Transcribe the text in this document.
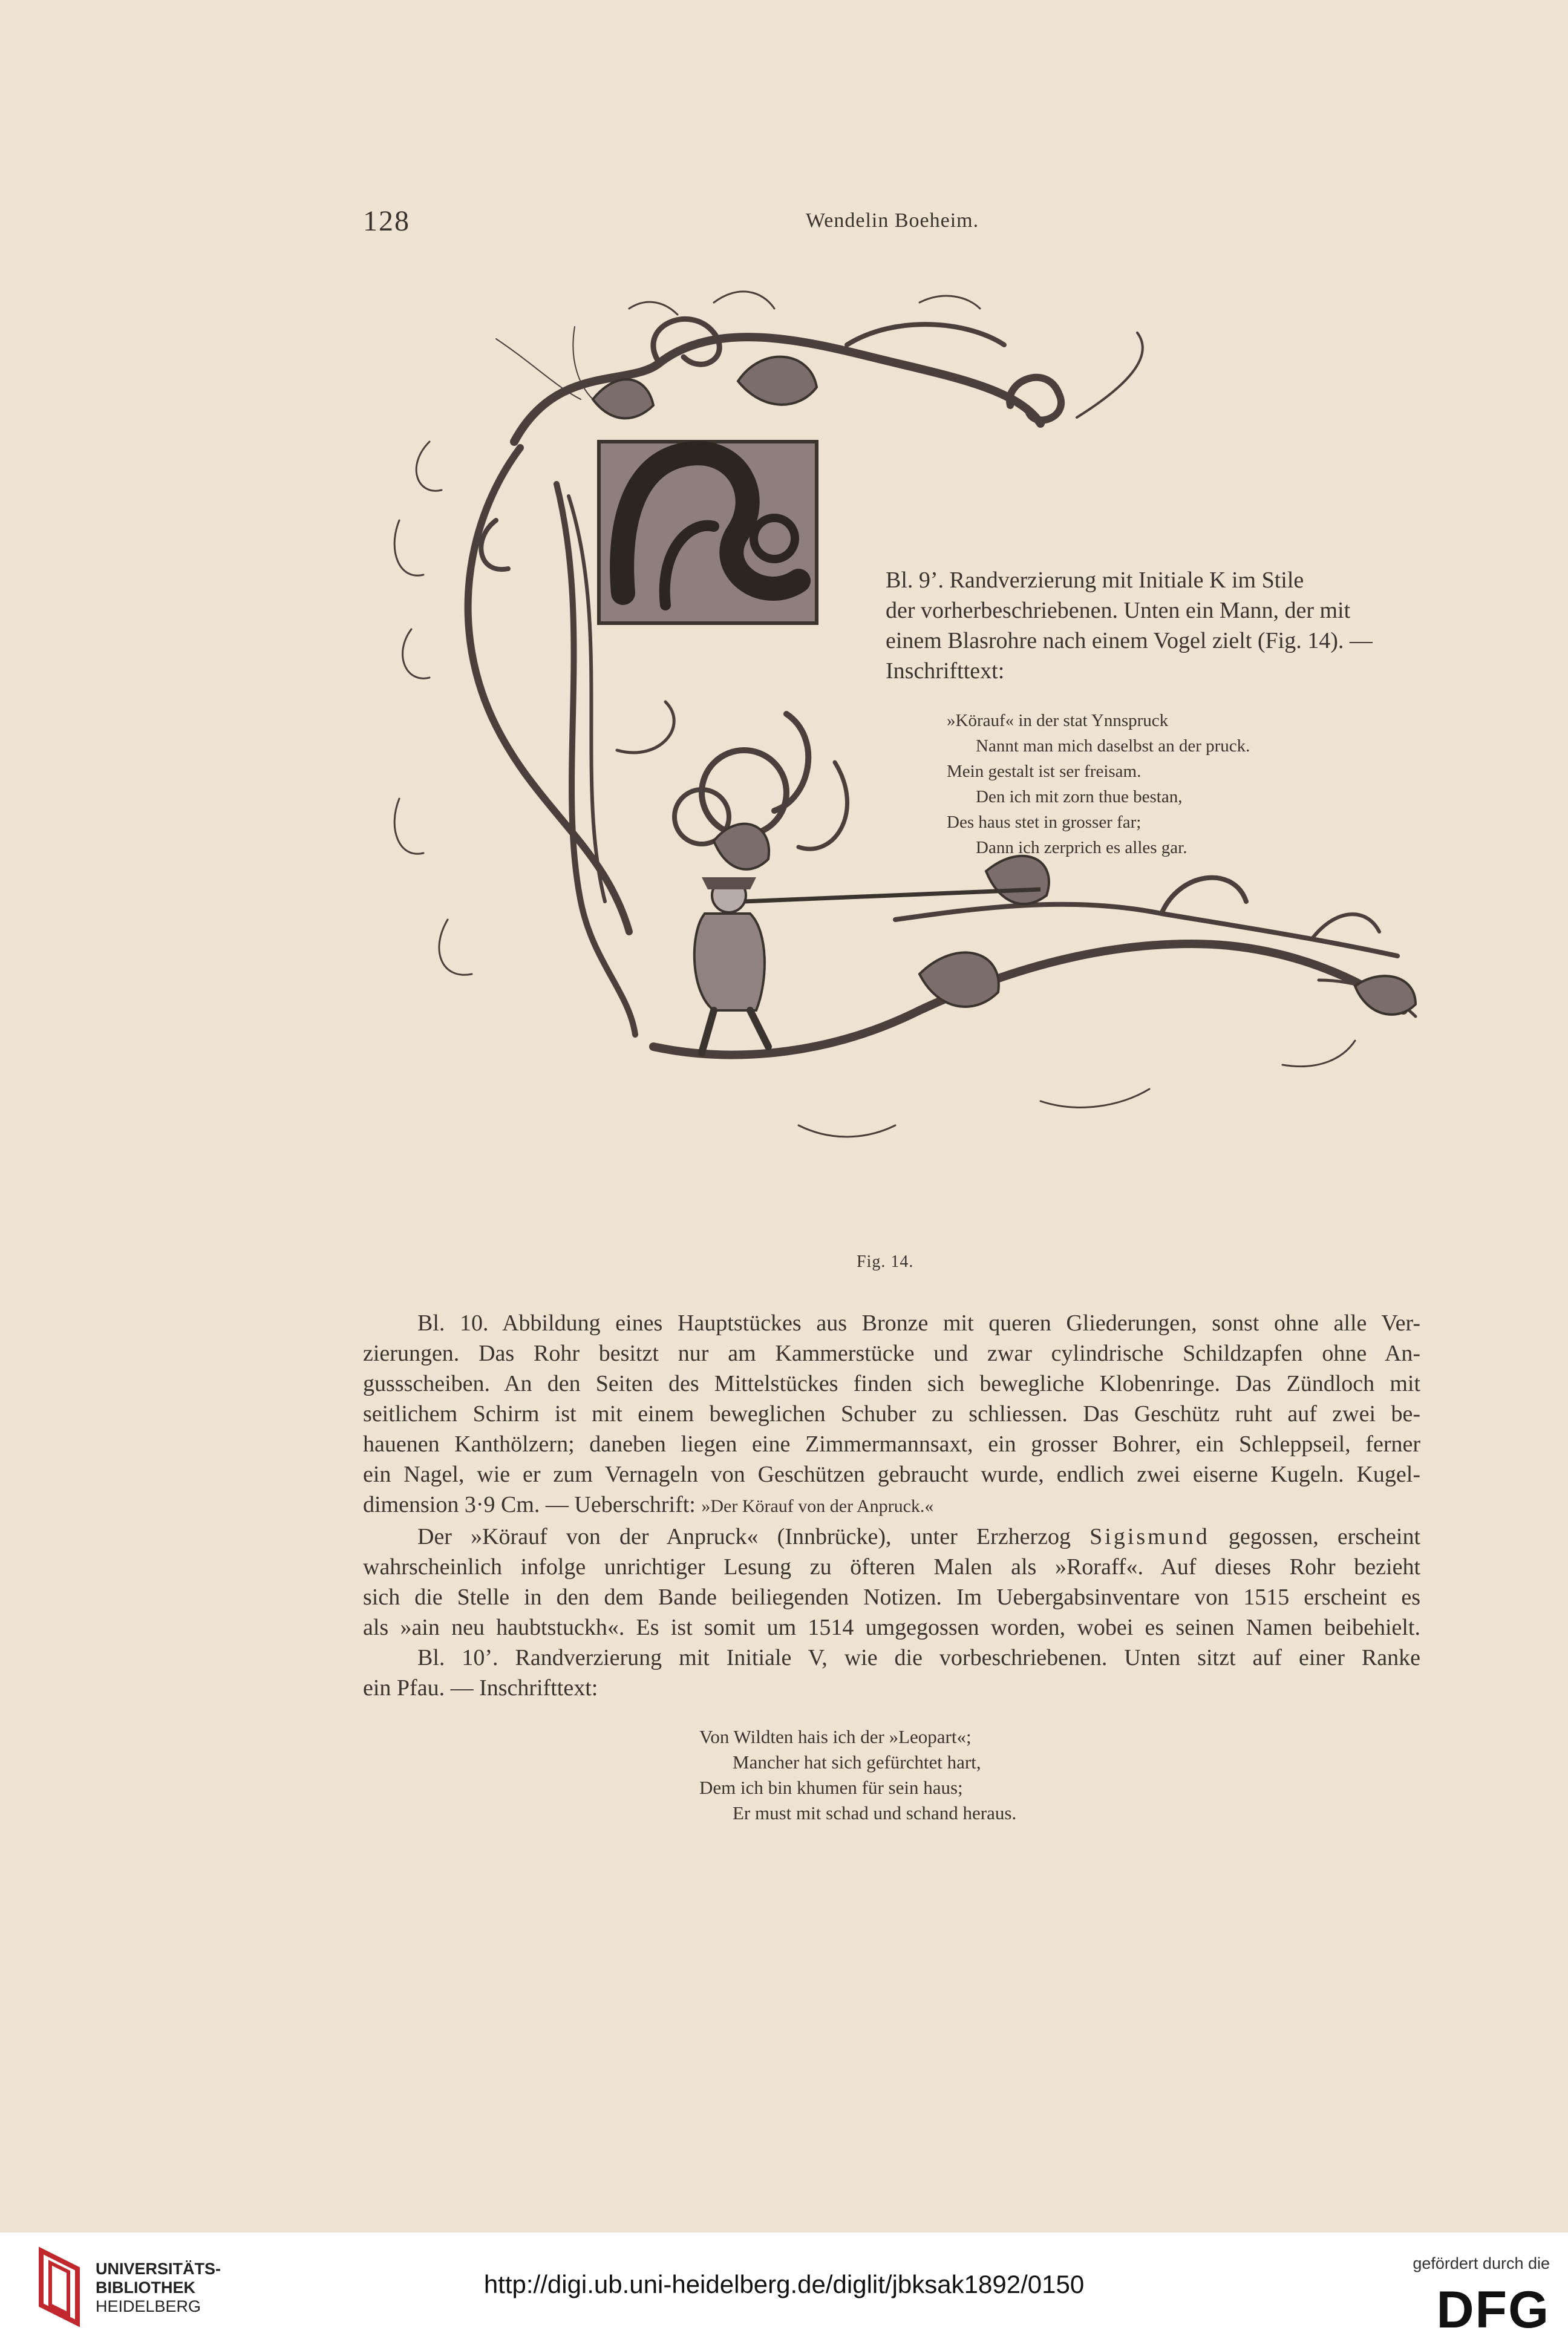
128	Wendelin Boeheim.
Bl. 9’. Randverzierung mit Initiale K im Stile
der vorherbeschriebenen. Unten ein Mann, der mit
einem Blasrohre nach einem Vogel zielt (Fig. 14). —
Inschrifttext:
»Körauf« in der stat Ynnspruck
Nannt man mich daselbst an der pruck.
Mein gestalt ist ser freisam.
Den ich mit zorn thue bestan,
Des haus stet in grosser far;
Dann ich zerprich es alles gar.
Fig. 14.

Bl. 10. Abbildung eines Hauptstückes aus Bronze mit queren Gliederungen, sonst ohne alle Ver-
zierungen. Das Rohr besitzt nur am Kammerstücke und zwar cylindrische Schildzapfen ohne An-
gussscheiben. An den Seiten des Mittelstückes finden sich bewegliche Klobenringe. Das Zündloch mit
seitlichem Schirm ist mit einem beweglichen Schuber zu schliessen. Das Geschütz ruht auf zwei be-
hauenen Kanthölzern; daneben liegen eine Zimmermannsaxt, ein grosser Bohrer, ein Schleppseil, ferner
ein Nagel, wie er zum Vernageln von Geschützen gebraucht wurde, endlich zwei eiserne Kugeln. Kugel-
dimension 3·9 Cm. — Ueberschrift: »Der Körauf von der Anpruck.«

Der »Körauf von der Anpruck« (Innbrücke), unter Erzherzog Sigismund gegossen, erscheint
wahrscheinlich infolge unrichtiger Lesung zu öfteren Malen als »Roraff«. Auf dieses Rohr bezieht
sich die Stelle in den dem Bande beiliegenden Notizen. Im Uebergabsinventare von 1515 erscheint es
als »ain neu haubtstuckh«. Es ist somit um 1514 umgegossen worden, wobei es seinen Namen beibehielt.

Bl. 10’. Randverzierung mit Initiale V, wie die vorbeschriebenen. Unten sitzt auf einer Ranke
ein Pfau. — Inschrifttext:

Von Wildten hais ich der »Leopart«;
Mancher hat sich gefürchtet hart,
Dem ich bin khumen für sein haus;
Er must mit schad und schand heraus.
UNIVERSITÄTS-
BIBLIOTHEK
HEIDELBERG
http://digi.ub.uni-heidelberg.de/diglit/jbksak1892/0150
gefördert durch die
DFG
